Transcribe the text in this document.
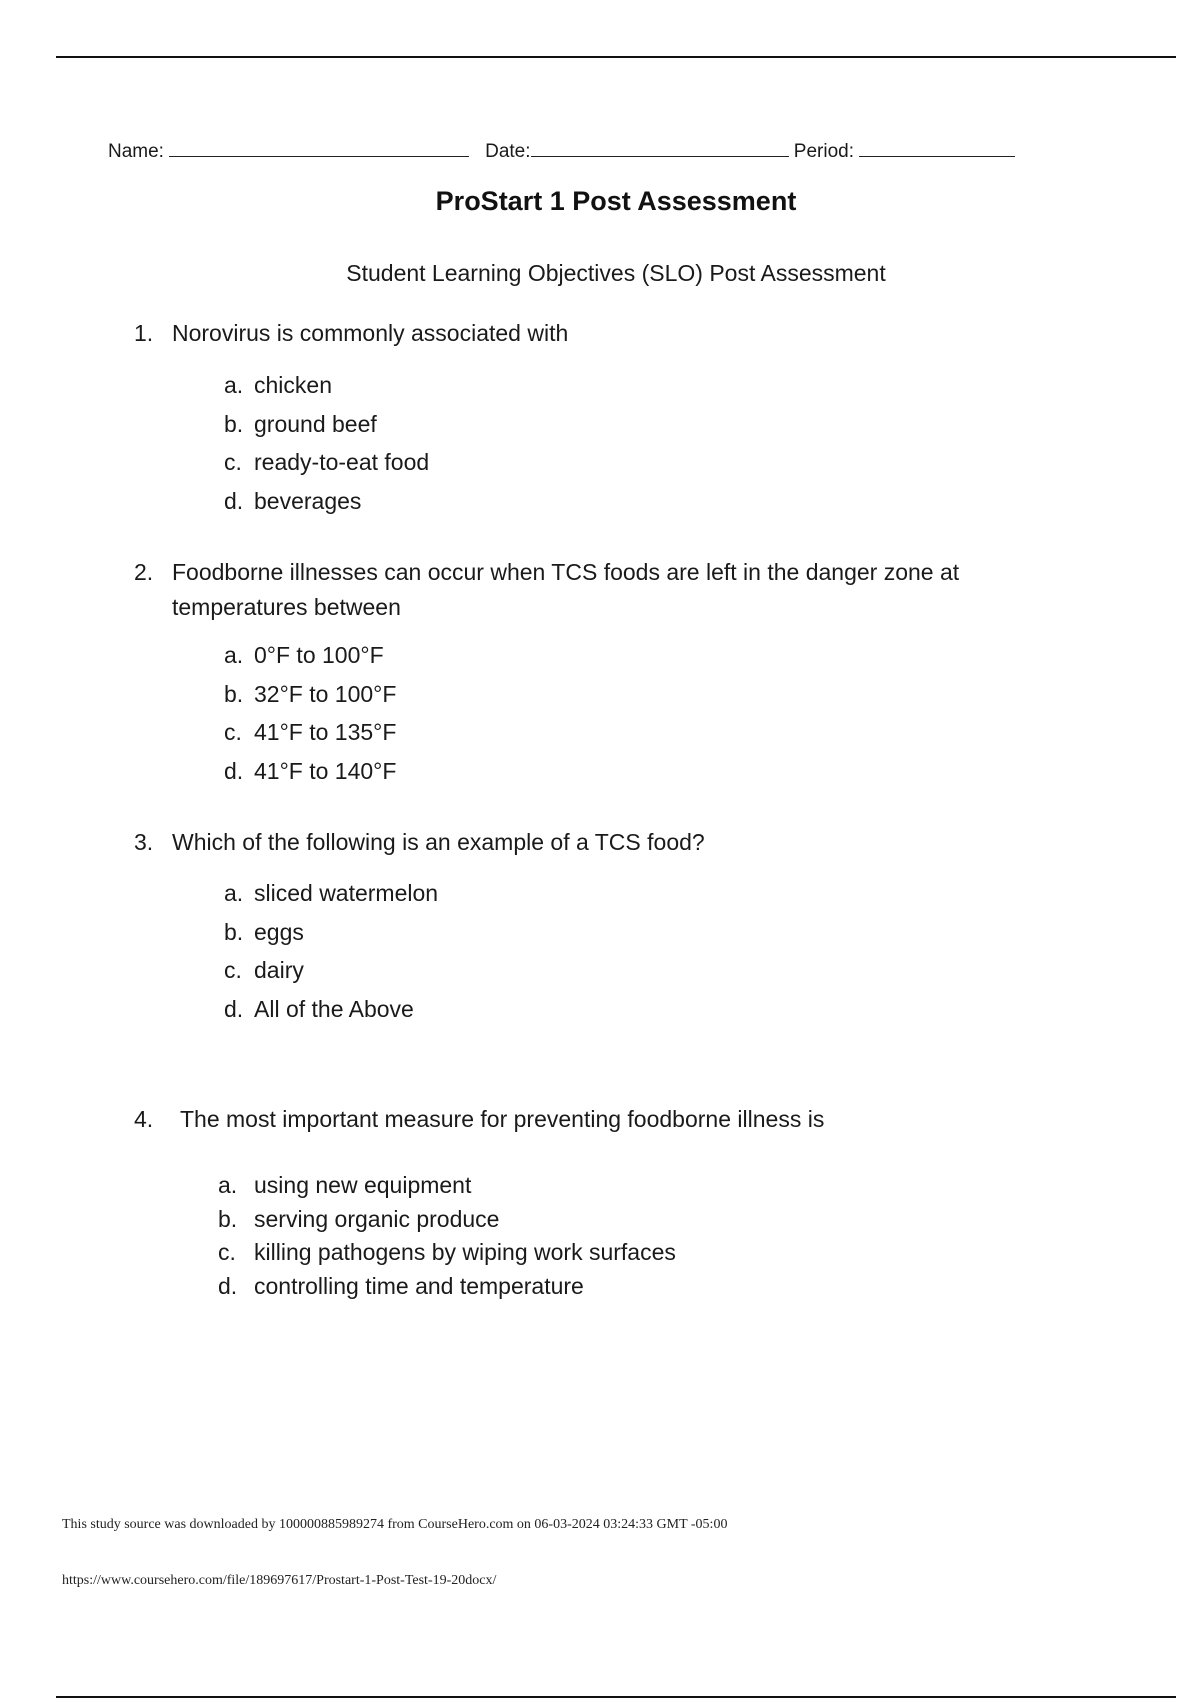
Name:	Date:	Period:
ProStart 1 Post Assessment
Student Learning Objectives (SLO) Post Assessment
1. Norovirus is commonly associated with
a. chicken
b. ground beef
c. ready-to-eat food
d. beverages
2. Foodborne illnesses can occur when TCS foods are left in the danger zone at temperatures between
a. 0°F to 100°F
b. 32°F to 100°F
c. 41°F to 135°F
d. 41°F to 140°F
3. Which of the following is an example of a TCS food?
a. sliced watermelon
b. eggs
c. dairy
d. All of the Above
4. The most important measure for preventing foodborne illness is
a. using new equipment
b. serving organic produce
c. killing pathogens by wiping work surfaces
d. controlling time and temperature
This study source was downloaded by 100000885989274 from CourseHero.com on 06-03-2024 03:24:33 GMT -05:00
https://www.coursehero.com/file/189697617/Prostart-1-Post-Test-19-20docx/
